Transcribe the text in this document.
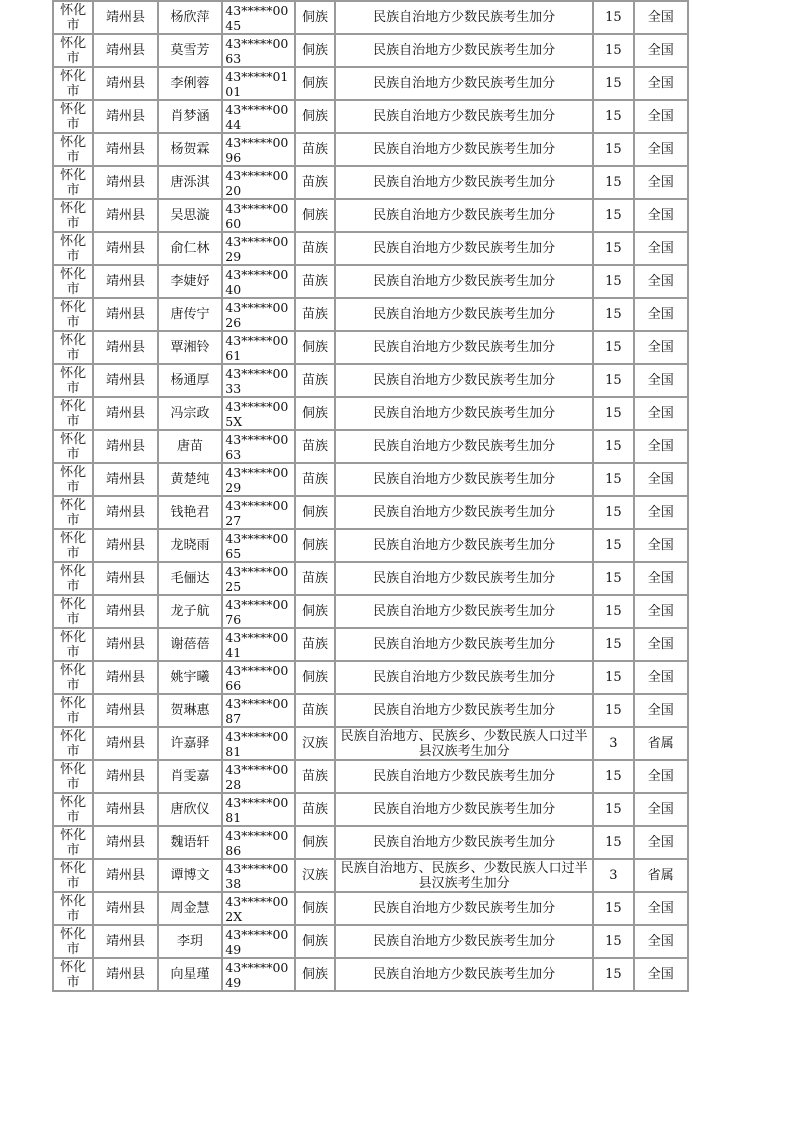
怀化市	靖州县	杨欣萍	43*****0045	侗族	民族自治地方少数民族考生加分	15	全国
怀化市	靖州县	莫雪芳	43*****0063	侗族	民族自治地方少数民族考生加分	15	全国
怀化市	靖州县	李俐蓉	43*****0101	侗族	民族自治地方少数民族考生加分	15	全国
怀化市	靖州县	肖梦涵	43*****0044	侗族	民族自治地方少数民族考生加分	15	全国
怀化市	靖州县	杨贺霖	43*****0096	苗族	民族自治地方少数民族考生加分	15	全国
怀化市	靖州县	唐泺淇	43*****0020	苗族	民族自治地方少数民族考生加分	15	全国
怀化市	靖州县	吴思漩	43*****0060	侗族	民族自治地方少数民族考生加分	15	全国
怀化市	靖州县	俞仁林	43*****0029	苗族	民族自治地方少数民族考生加分	15	全国
怀化市	靖州县	李婕妤	43*****0040	苗族	民族自治地方少数民族考生加分	15	全国
怀化市	靖州县	唐传宁	43*****0026	苗族	民族自治地方少数民族考生加分	15	全国
怀化市	靖州县	覃湘铃	43*****0061	侗族	民族自治地方少数民族考生加分	15	全国
怀化市	靖州县	杨通厚	43*****0033	苗族	民族自治地方少数民族考生加分	15	全国
怀化市	靖州县	冯宗政	43*****005X	侗族	民族自治地方少数民族考生加分	15	全国
怀化市	靖州县	唐苗	43*****0063	苗族	民族自治地方少数民族考生加分	15	全国
怀化市	靖州县	黄楚纯	43*****0029	苗族	民族自治地方少数民族考生加分	15	全国
怀化市	靖州县	钱艳君	43*****0027	侗族	民族自治地方少数民族考生加分	15	全国
怀化市	靖州县	龙晓雨	43*****0065	侗族	民族自治地方少数民族考生加分	15	全国
怀化市	靖州县	毛俪达	43*****0025	苗族	民族自治地方少数民族考生加分	15	全国
怀化市	靖州县	龙子航	43*****0076	侗族	民族自治地方少数民族考生加分	15	全国
怀化市	靖州县	谢蓓蓓	43*****0041	苗族	民族自治地方少数民族考生加分	15	全国
怀化市	靖州县	姚宇曦	43*****0066	侗族	民族自治地方少数民族考生加分	15	全国
怀化市	靖州县	贺琳惠	43*****0087	苗族	民族自治地方少数民族考生加分	15	全国
怀化市	靖州县	许嘉驿	43*****0081	汉族	民族自治地方、民族乡、少数民族人口过半县汉族考生加分	3	省属
怀化市	靖州县	肖雯嘉	43*****0028	苗族	民族自治地方少数民族考生加分	15	全国
怀化市	靖州县	唐欣仪	43*****0081	苗族	民族自治地方少数民族考生加分	15	全国
怀化市	靖州县	魏语轩	43*****0086	侗族	民族自治地方少数民族考生加分	15	全国
怀化市	靖州县	谭博文	43*****0038	汉族	民族自治地方、民族乡、少数民族人口过半县汉族考生加分	3	省属
怀化市	靖州县	周金慧	43*****002X	侗族	民族自治地方少数民族考生加分	15	全国
怀化市	靖州县	李玥	43*****0049	侗族	民族自治地方少数民族考生加分	15	全国
怀化市	靖州县	向星瑾	43*****0049	侗族	民族自治地方少数民族考生加分	15	全国
